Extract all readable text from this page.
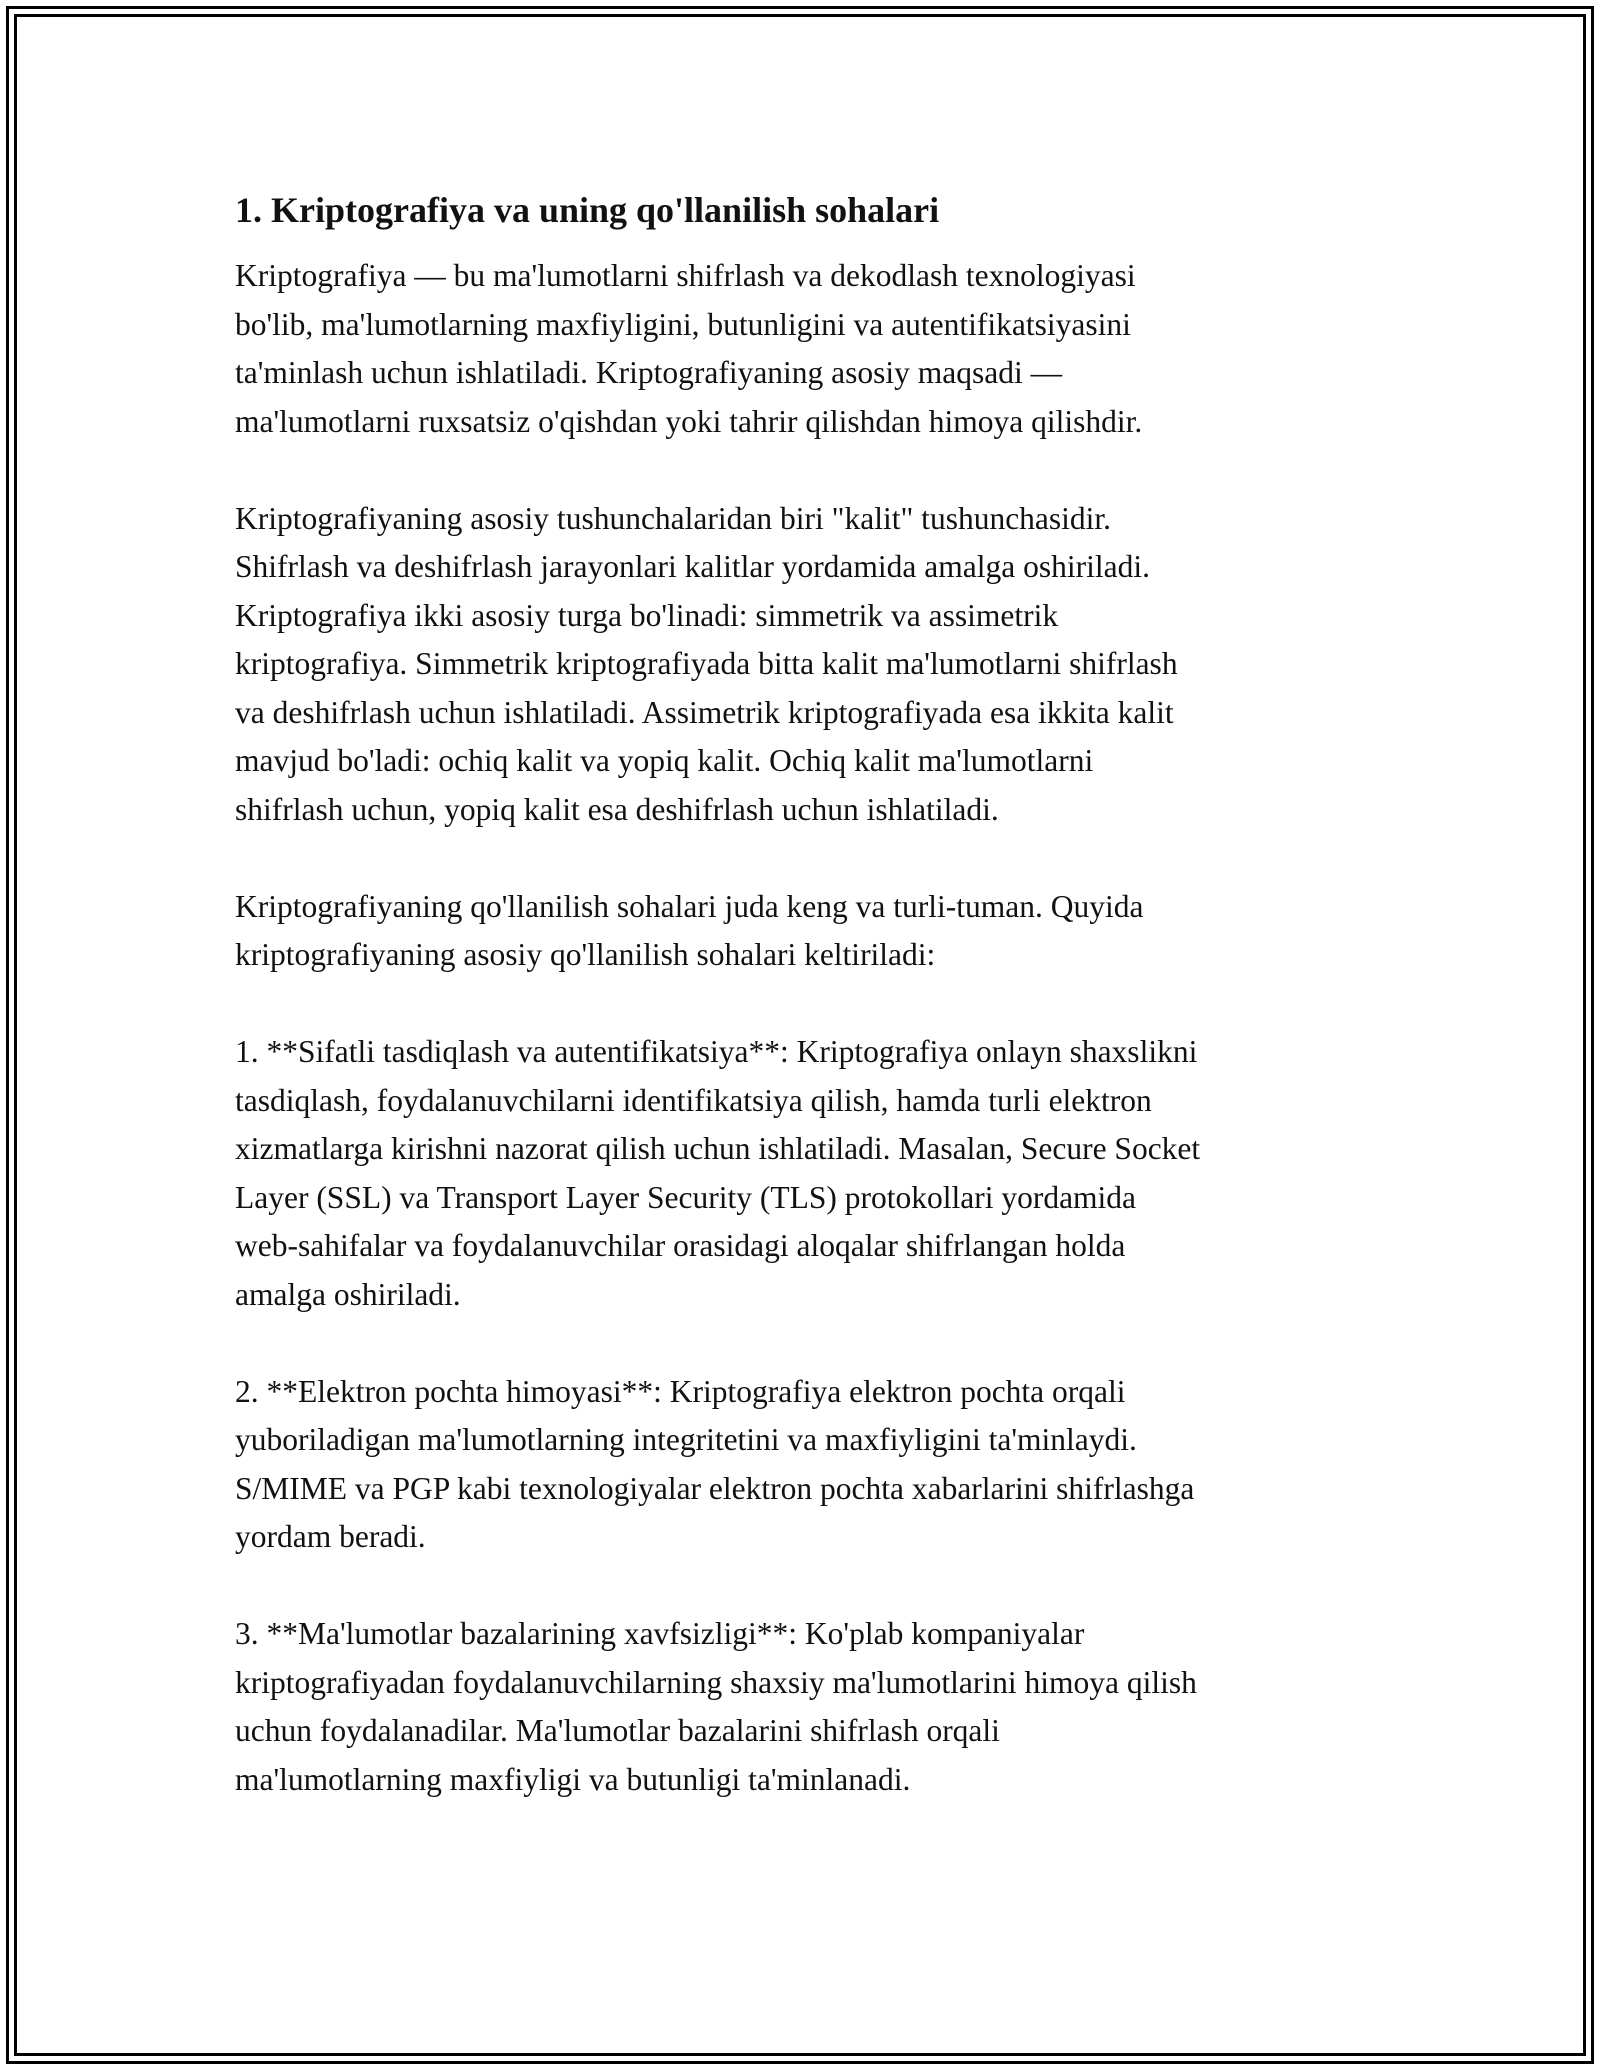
1. Kriptografiya va uning qo'llanilish sohalari

Kriptografiya — bu ma'lumotlarni shifrlash va dekodlash texnologiyasi
bo'lib, ma'lumotlarning maxfiyligini, butunligini va autentifikatsiyasini
ta'minlash uchun ishlatiladi. Kriptografiyaning asosiy maqsadi —
ma'lumotlarni ruxsatsiz o'qishdan yoki tahrir qilishdan himoya qilishdir.

Kriptografiyaning asosiy tushunchalaridan biri "kalit" tushunchasidir.
Shifrlash va deshifrlash jarayonlari kalitlar yordamida amalga oshiriladi.
Kriptografiya ikki asosiy turga bo'linadi: simmetrik va assimetrik
kriptografiya. Simmetrik kriptografiyada bitta kalit ma'lumotlarni shifrlash
va deshifrlash uchun ishlatiladi. Assimetrik kriptografiyada esa ikkita kalit
mavjud bo'ladi: ochiq kalit va yopiq kalit. Ochiq kalit ma'lumotlarni
shifrlash uchun, yopiq kalit esa deshifrlash uchun ishlatiladi.

Kriptografiyaning qo'llanilish sohalari juda keng va turli-tuman. Quyida
kriptografiyaning asosiy qo'llanilish sohalari keltiriladi:

1. **Sifatli tasdiqlash va autentifikatsiya**: Kriptografiya onlayn shaxslikni
tasdiqlash, foydalanuvchilarni identifikatsiya qilish, hamda turli elektron
xizmatlarga kirishni nazorat qilish uchun ishlatiladi. Masalan, Secure Socket
Layer (SSL) va Transport Layer Security (TLS) protokollari yordamida
web-sahifalar va foydalanuvchilar orasidagi aloqalar shifrlangan holda
amalga oshiriladi.

2. **Elektron pochta himoyasi**: Kriptografiya elektron pochta orqali
yuboriladigan ma'lumotlarning integritetini va maxfiyligini ta'minlaydi.
S/MIME va PGP kabi texnologiyalar elektron pochta xabarlarini shifrlashga
yordam beradi.

3. **Ma'lumotlar bazalarining xavfsizligi**: Ko'plab kompaniyalar
kriptografiyadan foydalanuvchilarning shaxsiy ma'lumotlarini himoya qilish
uchun foydalanadilar. Ma'lumotlar bazalarini shifrlash orqali
ma'lumotlarning maxfiyligi va butunligi ta'minlanadi.
